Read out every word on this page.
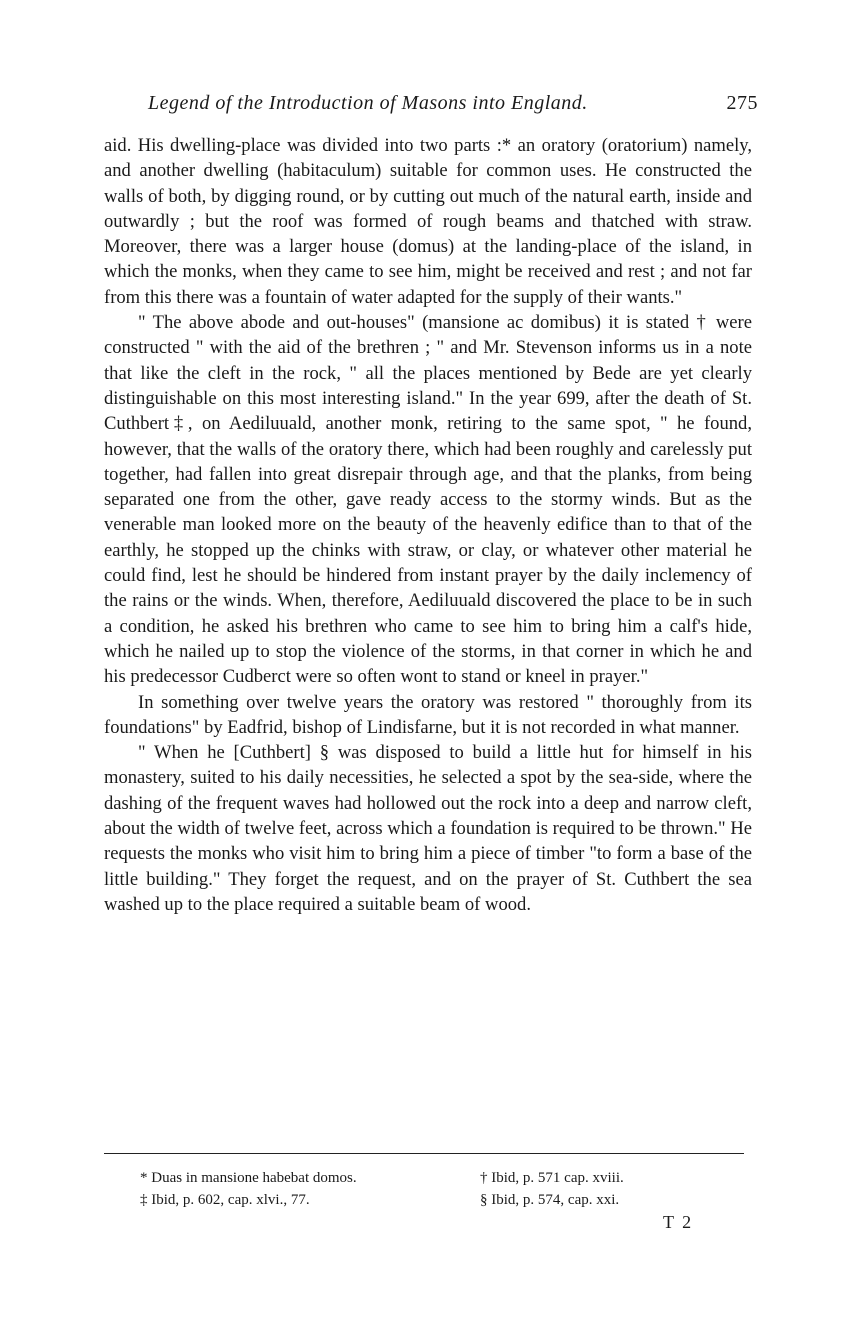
Legend of the Introduction of Masons into England.	275

aid. His dwelling-place was divided into two parts :* an oratory (oratorium) namely, and another dwelling (habitaculum) suitable for common uses. He constructed the walls of both, by digging round, or by cutting out much of the natural earth, inside and outwardly ; but the roof was formed of rough beams and thatched with straw. Moreover, there was a larger house (domus) at the landing-place of the island, in which the monks, when they came to see him, might be received and rest ; and not far from this there was a fountain of water adapted for the supply of their wants."

" The above abode and out-houses" (mansione ac domibus) it is stated † were constructed " with the aid of the brethren ; " and Mr. Stevenson informs us in a note that like the cleft in the rock, " all the places mentioned by Bede are yet clearly distinguishable on this most interesting island." In the year 699, after the death of St. Cuthbert‡, on Aediluuald, another monk, retiring to the same spot, " he found, however, that the walls of the oratory there, which had been roughly and carelessly put together, had fallen into great disrepair through age, and that the planks, from being separated one from the other, gave ready access to the stormy winds. But as the venerable man looked more on the beauty of the heavenly edifice than to that of the earthly, he stopped up the chinks with straw, or clay, or whatever other material he could find, lest he should be hindered from instant prayer by the daily inclemency of the rains or the winds. When, therefore, Aediluuald discovered the place to be in such a condition, he asked his brethren who came to see him to bring him a calf's hide, which he nailed up to stop the violence of the storms, in that corner in which he and his predecessor Cudberct were so often wont to stand or kneel in prayer."

In something over twelve years the oratory was restored " thoroughly from its foundations" by Eadfrid, bishop of Lindisfarne, but it is not recorded in what manner.

" When he [Cuthbert] § was disposed to build a little hut for himself in his monastery, suited to his daily necessities, he selected a spot by the sea-side, where the dashing of the frequent waves had hollowed out the rock into a deep and narrow cleft, about the width of twelve feet, across which a foundation is required to be thrown." He requests the monks who visit him to bring him a piece of timber "to form a base of the little building." They forget the request, and on the prayer of St. Cuthbert the sea washed up to the place required a suitable beam of wood.

* Duas in mansione habebat domos.
‡ Ibid, p. 602, cap. xlvi., 77.
† Ibid, p. 571 cap. xviii.
§ Ibid, p. 574, cap. xxi.
T 2
